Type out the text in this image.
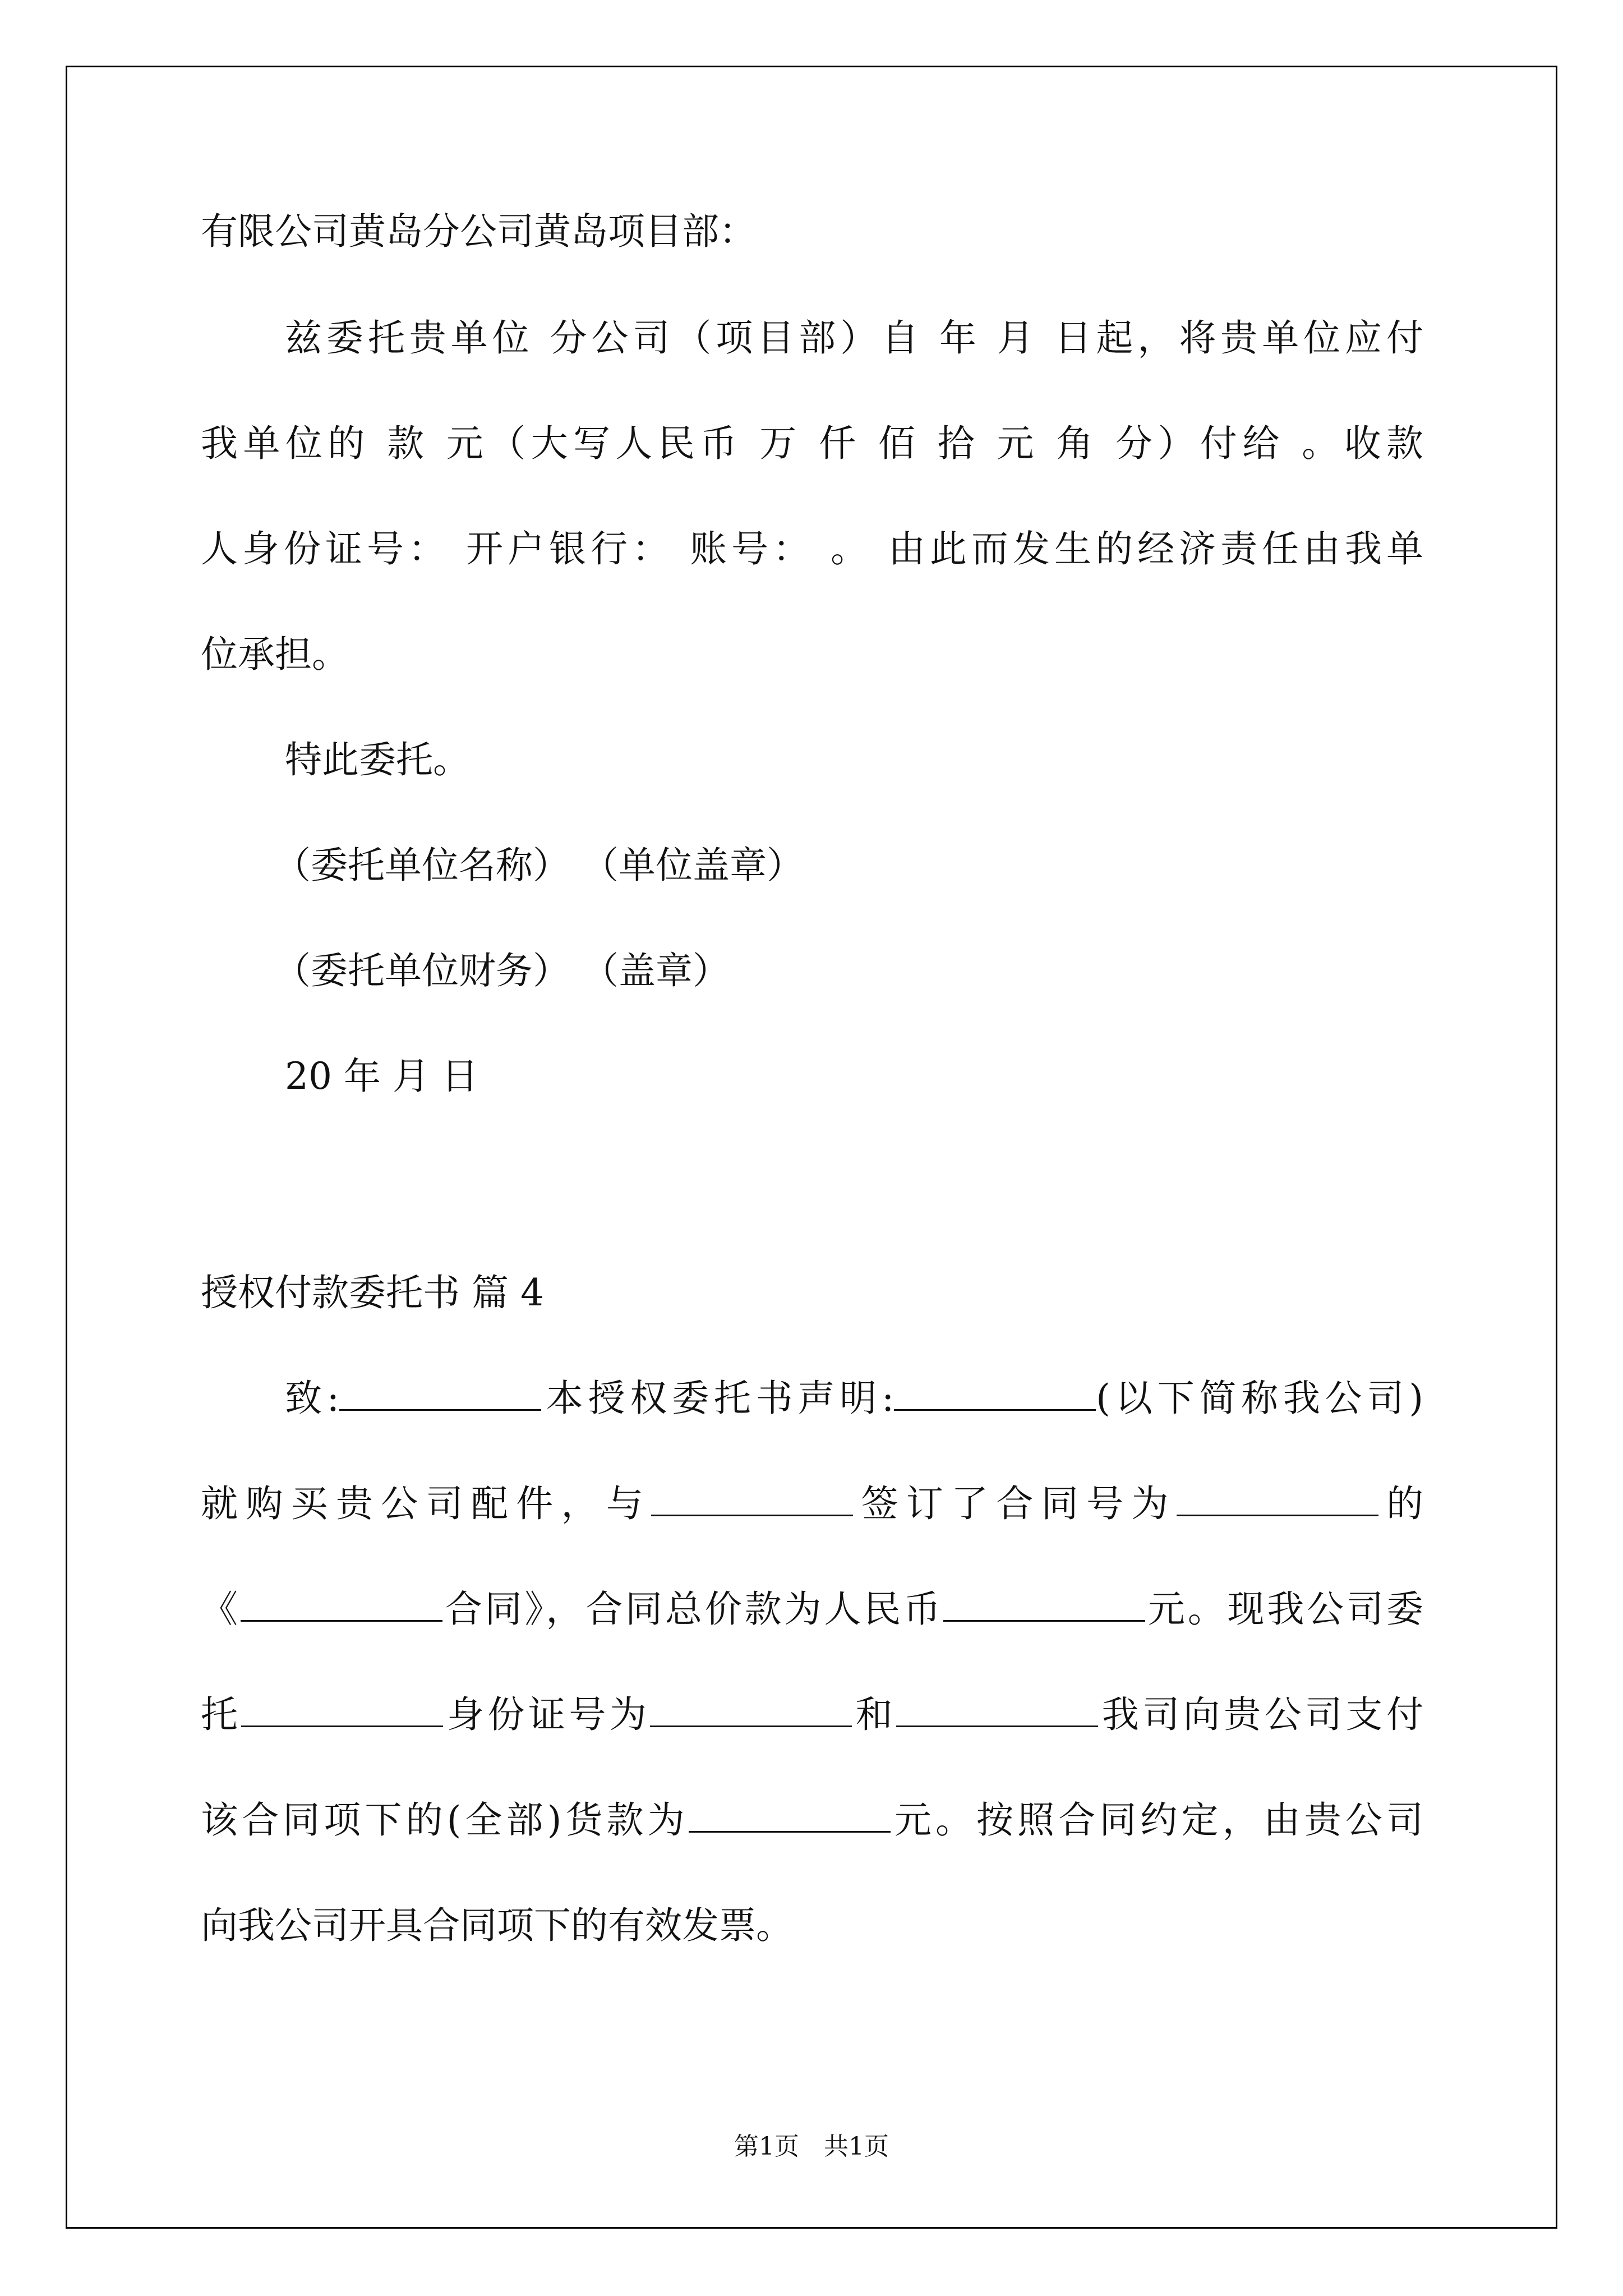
有限公司黄岛分公司黄岛项目部：
兹委托贵单位 分公司（项目部）自 年 月 日起，将贵单位应付
我单位的 款 元（大写人民币 万 仟 佰 拾 元 角 分）付给 。收款
人身份证号： 开户银行： 账号： 。 由此而发生的经济责任由我单
位承担。
特此委托。
（委托单位名称） （单位盖章）
（委托单位财务） （盖章）
20 年 月 日
授权付款委托书 篇 4
致:	本授权委托书声明:	(以下简称我公司)
就购买贵公司配件，与	签订了合同号为	的
《	合同》，合同总价款为人民币	元。现我公司委
托	身份证号为	和	我司向贵公司支付
该合同项下的(全部)货款为	元。按照合同约定，由贵公司
向我公司开具合同项下的有效发票。
第1页　共1页
